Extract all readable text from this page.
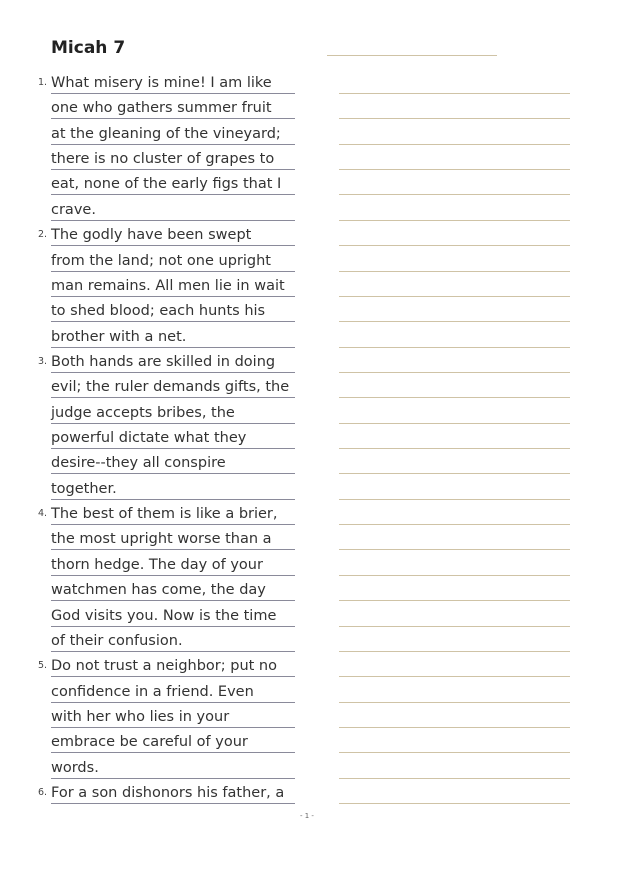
Micah 7
1. What misery is mine! I am like
one who gathers summer fruit
at the gleaning of the vineyard;
there is no cluster of grapes to
eat, none of the early figs that I
crave.
2. The godly have been swept
from the land; not one upright
man remains. All men lie in wait
to shed blood; each hunts his
brother with a net.
3. Both hands are skilled in doing
evil; the ruler demands gifts, the
judge accepts bribes, the
powerful dictate what they
desire--they all conspire
together.
4. The best of them is like a brier,
the most upright worse than a
thorn hedge. The day of your
watchmen has come, the day
God visits you. Now is the time
of their confusion.
5. Do not trust a neighbor; put no
confidence in a friend. Even
with her who lies in your
embrace be careful of your
words.
6. For a son dishonors his father, a
- 1 -
